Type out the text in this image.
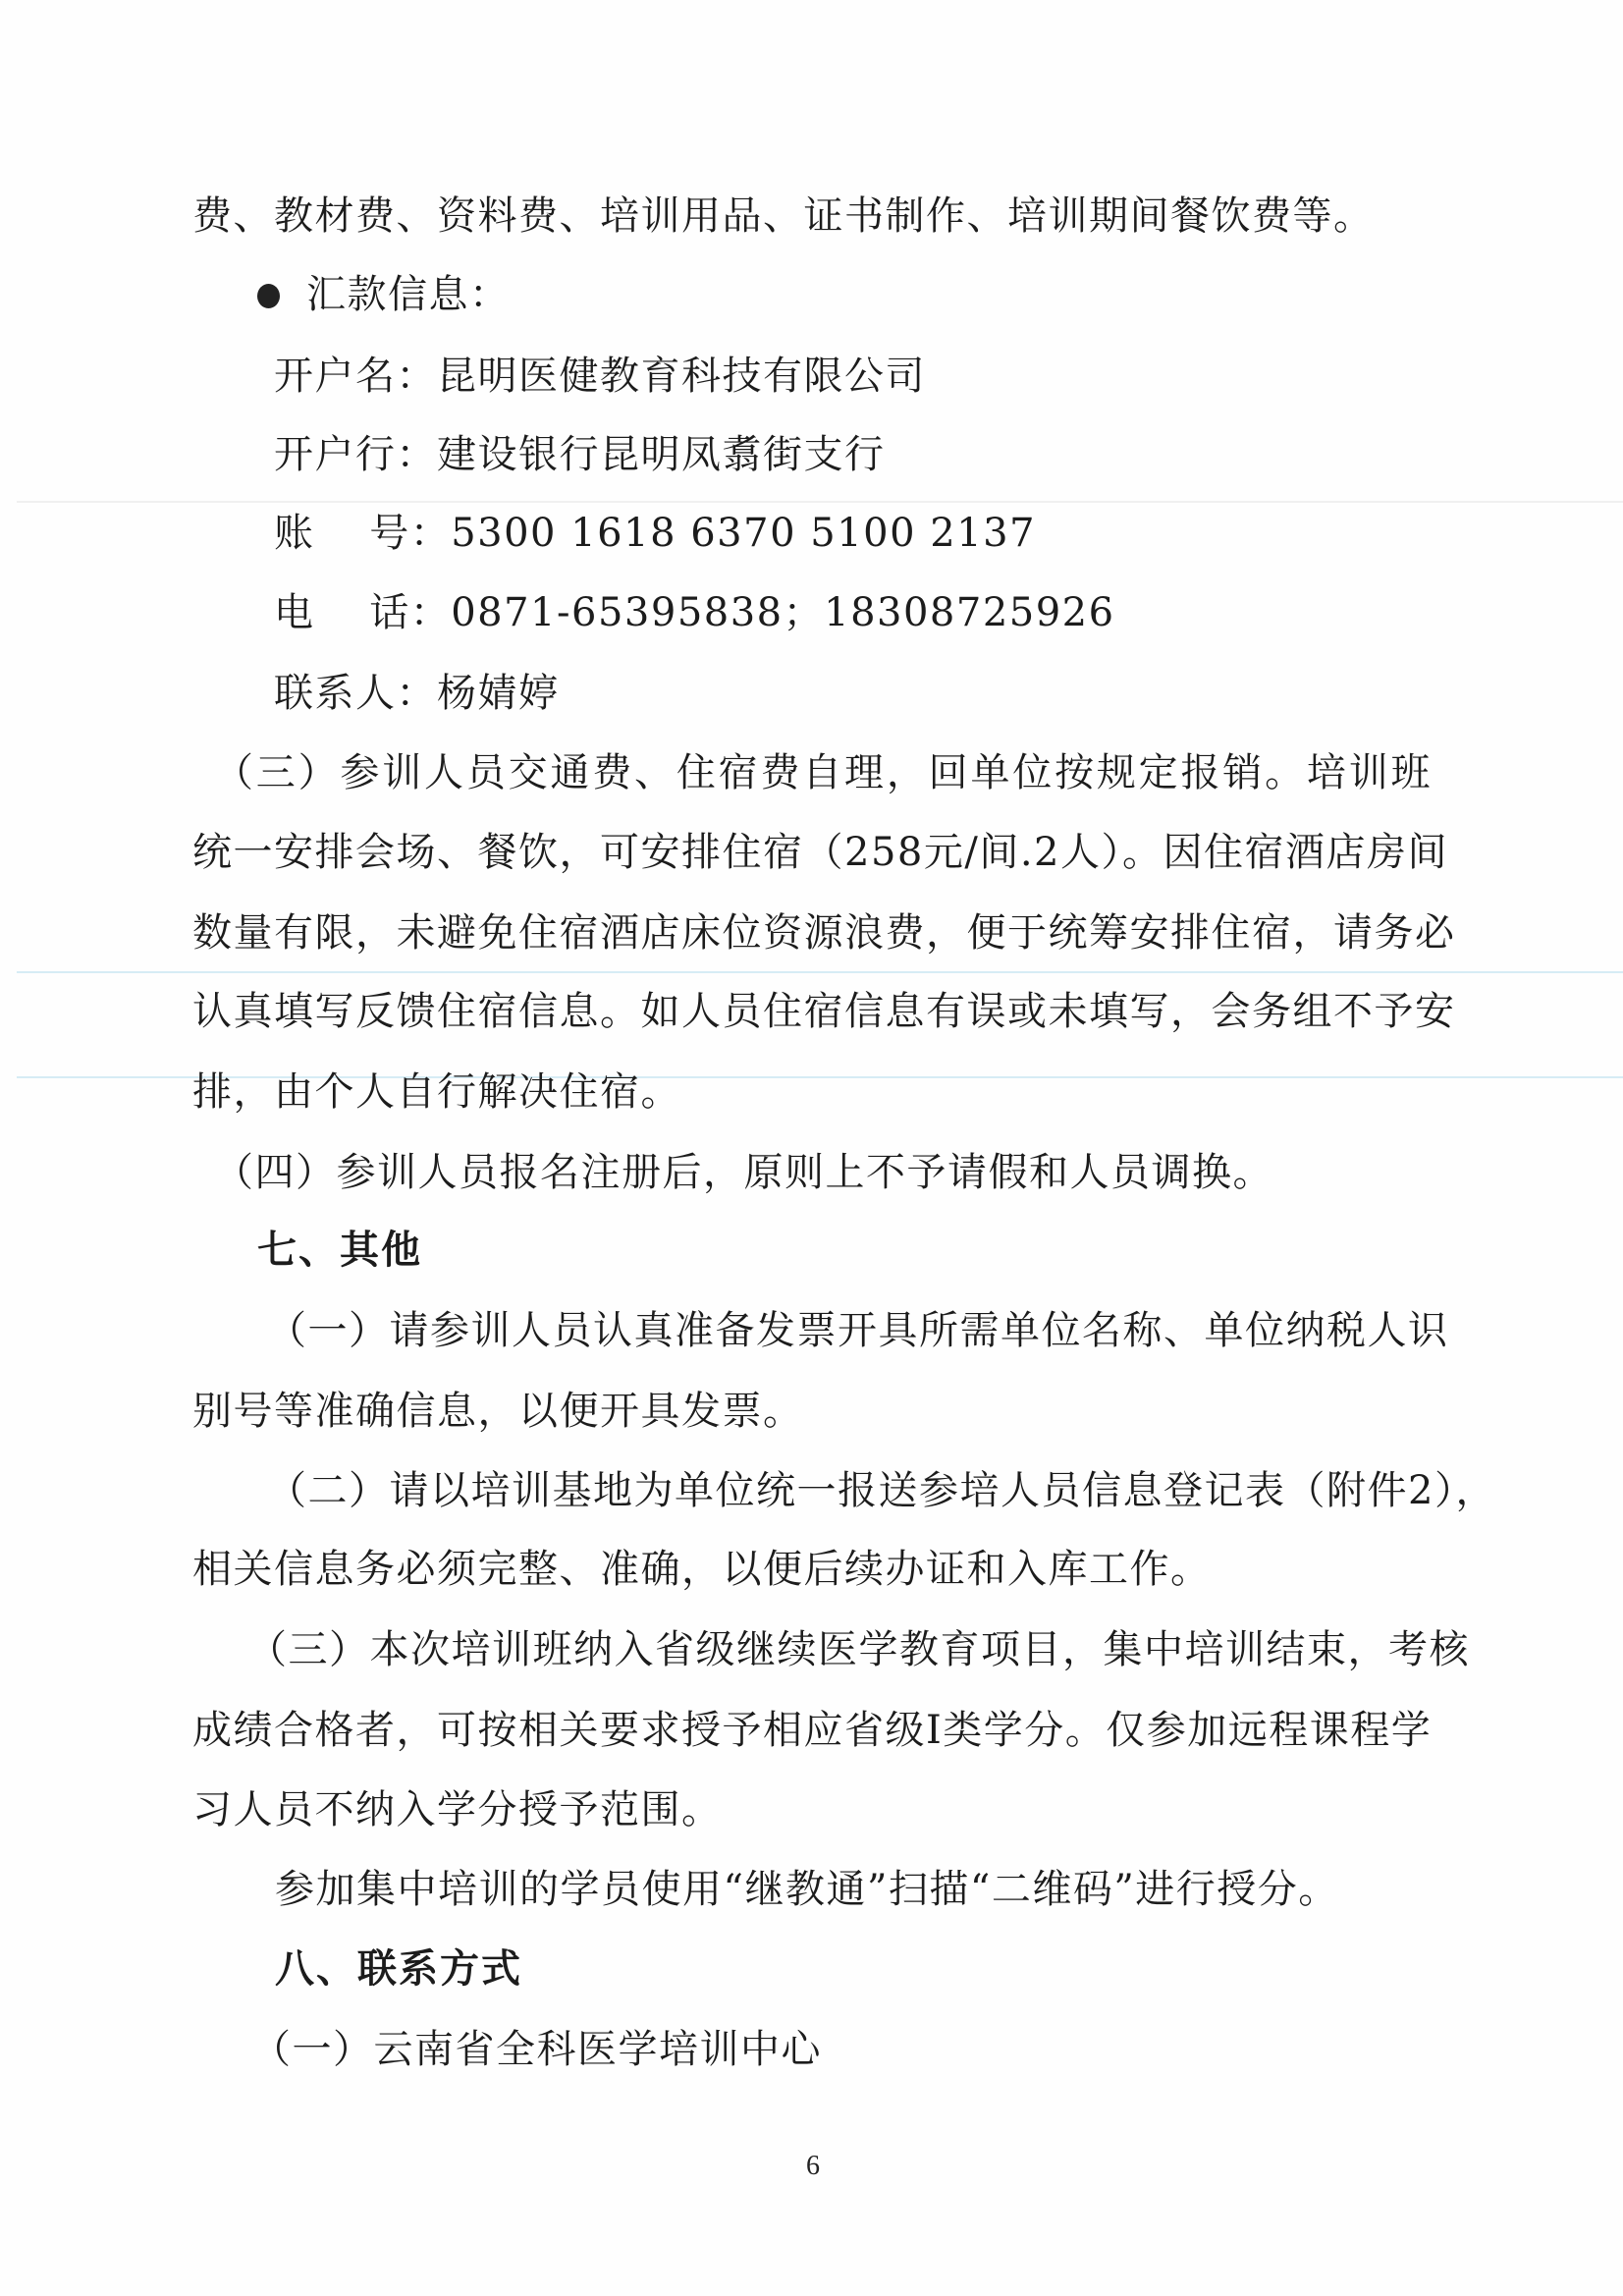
费、教材费、资料费、培训用品、证书制作、培训期间餐饮费等。
汇款信息：
开户名：昆明医健教育科技有限公司
开户行：建设银行昆明凤翥街支行
账　 号：5300 1618 6370 5100 2137
电　 话：0871-65395838；18308725926
联系人：杨婧婷
（三）参训人员交通费、住宿费自理，回单位按规定报销。培训班
统一安排会场、餐饮，可安排住宿（258元/间.2人）。因住宿酒店房间
数量有限，未避免住宿酒店床位资源浪费，便于统筹安排住宿，请务必
认真填写反馈住宿信息。如人员住宿信息有误或未填写，会务组不予安
排，由个人自行解决住宿。
（四）参训人员报名注册后，原则上不予请假和人员调换。
七、其他
（一）请参训人员认真准备发票开具所需单位名称、单位纳税人识
别号等准确信息，以便开具发票。
（二）请以培训基地为单位统一报送参培人员信息登记表（附件2），
相关信息务必须完整、准确，以便后续办证和入库工作。
（三）本次培训班纳入省级继续医学教育项目，集中培训结束，考核
成绩合格者，可按相关要求授予相应省级Ⅰ类学分。仅参加远程课程学
习人员不纳入学分授予范围。
参加集中培训的学员使用“继教通”扫描“二维码”进行授分。
八、联系方式
（一）云南省全科医学培训中心
6
